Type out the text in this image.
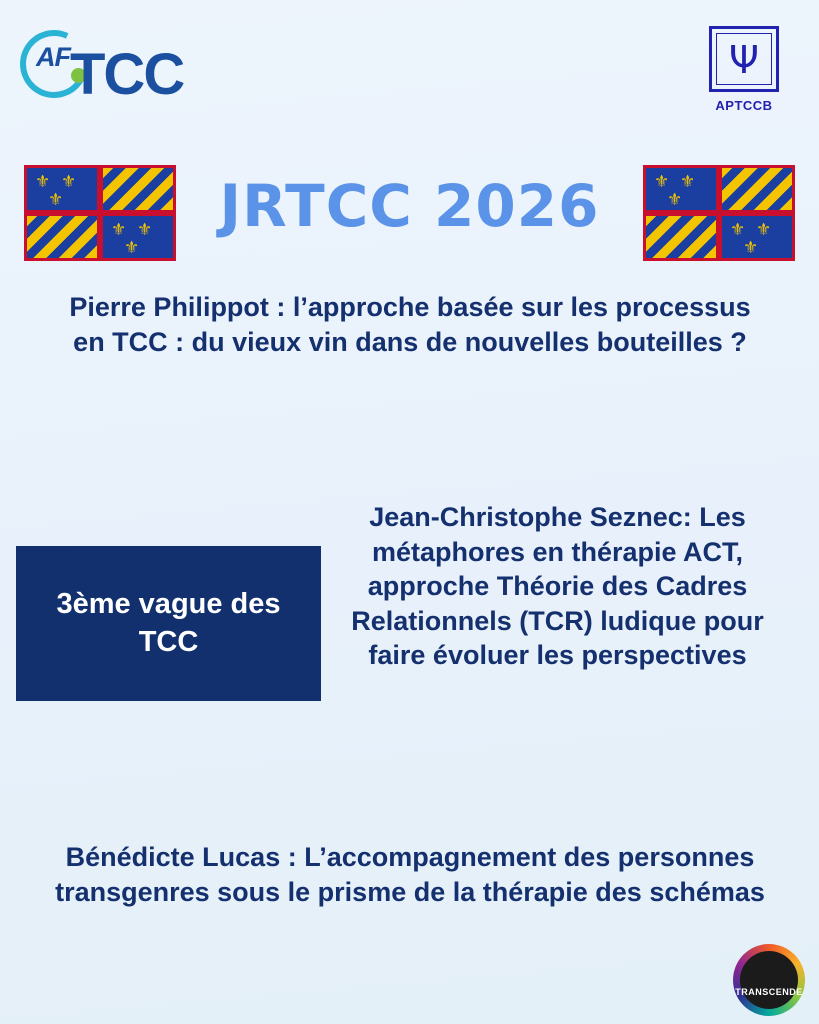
AF TCC	Ψ
APTCCB
⚜ ⚜
⚜
⚜ ⚜
⚜
⚜ ⚜
⚜
⚜ ⚜
⚜
JRTCC 2026
Pierre Philippot : l’approche basée sur les processus en TCC : du vieux vin dans de nouvelles bouteilles ?
3ème vague des TCC
Jean-Christophe Seznec: Les métaphores en thérapie ACT, approche Théorie des Cadres Relationnels (TCR) ludique pour faire évoluer les perspectives
Bénédicte Lucas : L’accompagnement des personnes transgenres sous le prisme de la thérapie des schémas
TRANSCENDE
